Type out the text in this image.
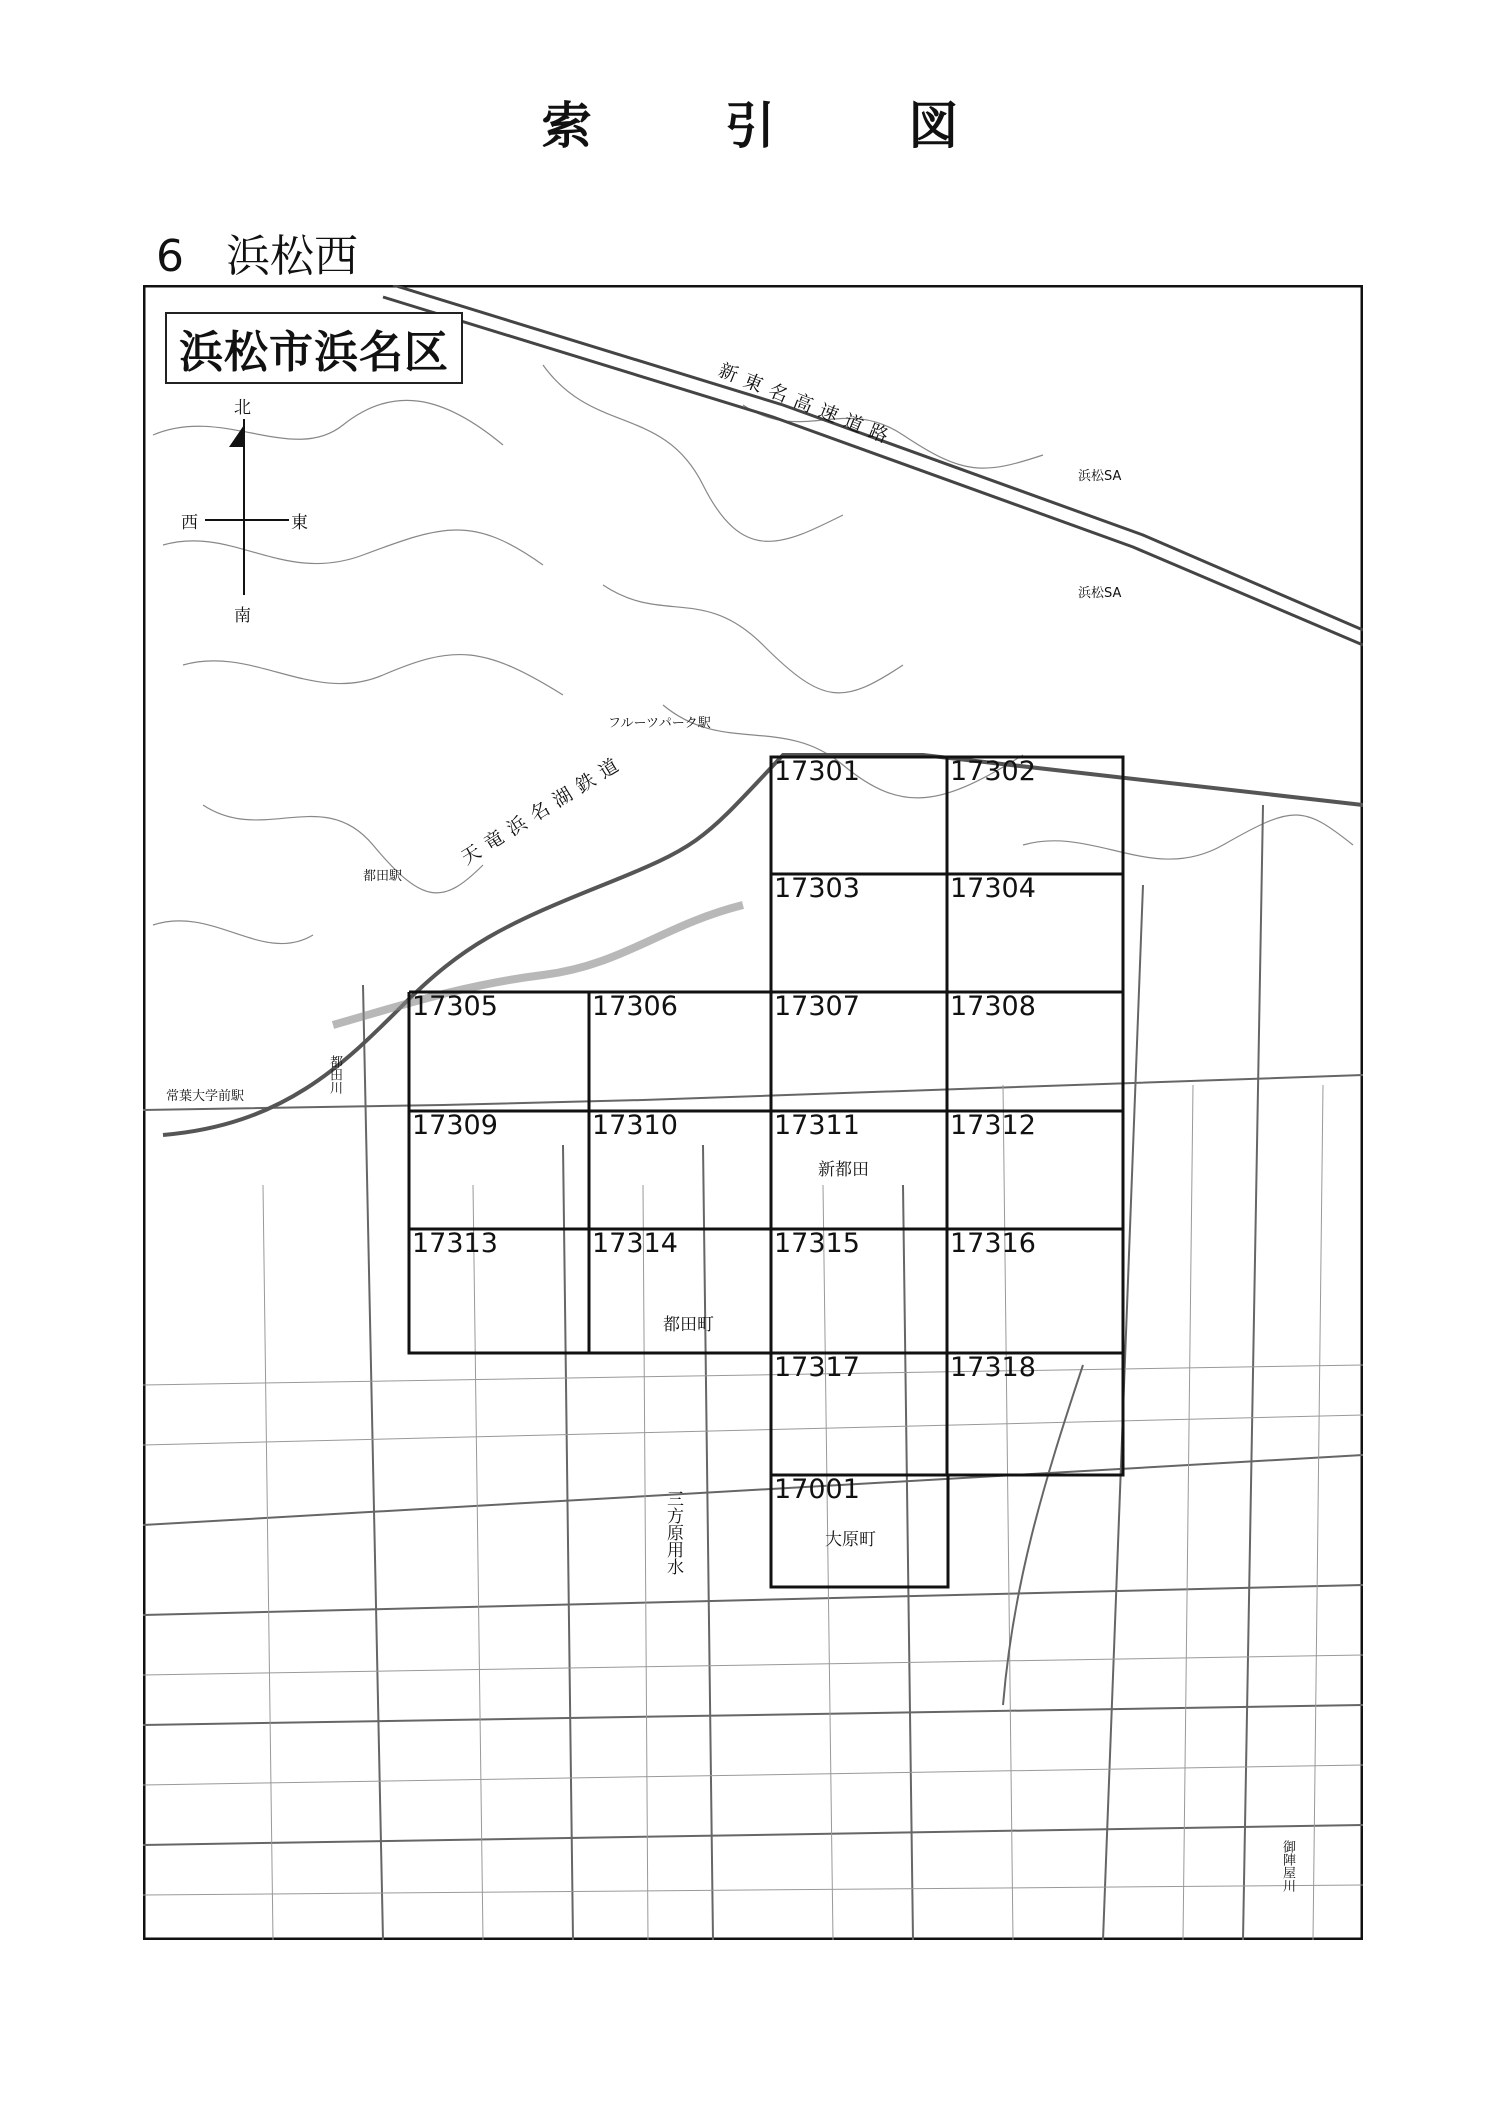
索	引	図
6 浜松西
浜松市浜名区
北
南
西	東
17301	17302
17303	17304
17305	17306	17307	17308
17309	17310	17311	17312
17313	17314	17315	17316
17317	17318
17001
新東名高速道路
天竜浜名湖鉄道
浜松SA
浜松SA
フルーツパーク駅
都田駅
常葉大学前駅
都田川
新都田
都田町
大原町
三方原用水
御陣屋川
